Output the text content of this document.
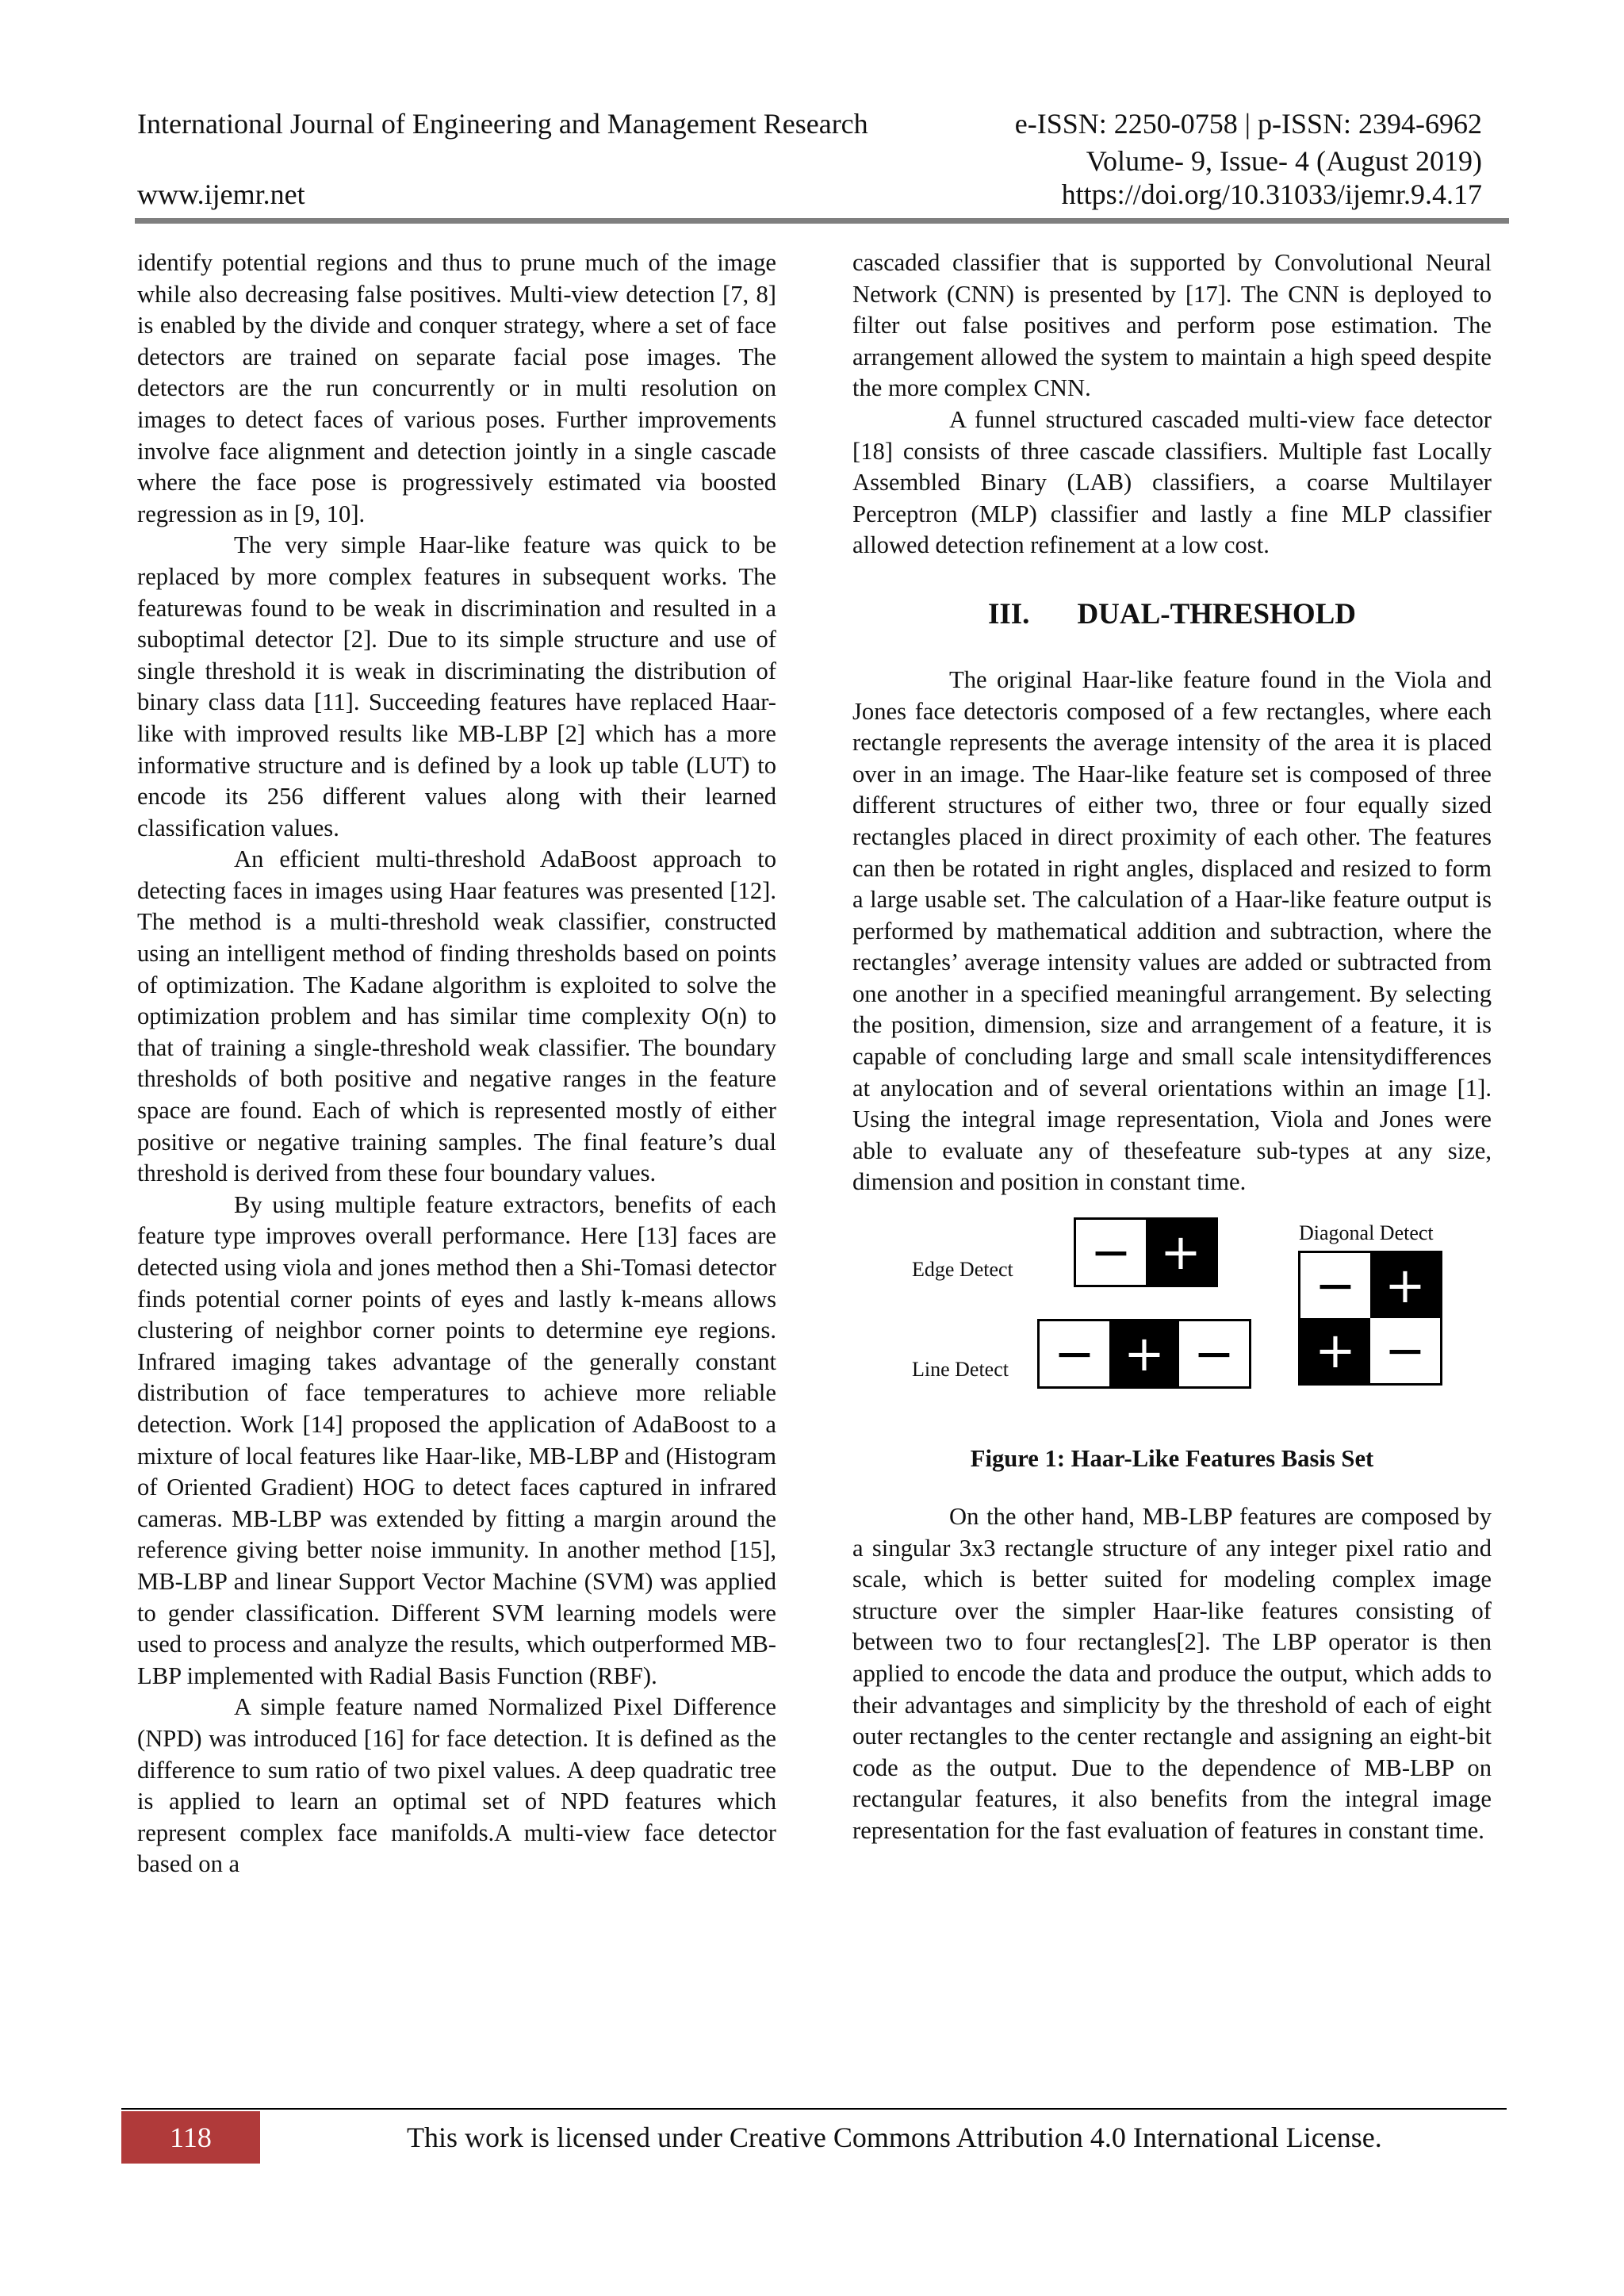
International Journal of Engineering and Management Research	e-ISSN: 2250-0758 | p-ISSN: 2394-6962
Volume- 9, Issue- 4 (August 2019)
www.ijemr.net	https://doi.org/10.31033/ijemr.9.4.17

identify potential regions and thus to prune much of the image while also decreasing false positives. Multi-view detection [7, 8] is enabled by the divide and conquer strategy, where a set of face detectors are trained on separate facial pose images. The detectors are the run concurrently or in multi resolution on images to detect faces of various poses. Further improvements involve face alignment and detection jointly in a single cascade where the face pose is progressively estimated via boosted regression as in [9, 10].

The very simple Haar-like feature was quick to be replaced by more complex features in subsequent works. The featurewas found to be weak in discrimination and resulted in a suboptimal detector [2]. Due to its simple structure and use of single threshold it is weak in discriminating the distribution of binary class data [11]. Succeeding features have replaced Haar-like with improved results like MB-LBP [2] which has a more informative structure and is defined by a look up table (LUT) to encode its 256 different values along with their learned classification values.

An efficient multi-threshold AdaBoost approach to detecting faces in images using Haar features was presented [12]. The method is a multi-threshold weak classifier, constructed using an intelligent method of finding thresholds based on points of optimization. The Kadane algorithm is exploited to solve the optimization problem and has similar time complexity O(n) to that of training a single-threshold weak classifier. The boundary thresholds of both positive and negative ranges in the feature space are found. Each of which is represented mostly of either positive or negative training samples. The final feature’s dual threshold is derived from these four boundary values.

By using multiple feature extractors, benefits of each feature type improves overall performance. Here [13] faces are detected using viola and jones method then a Shi-Tomasi detector finds potential corner points of eyes and lastly k-means allows clustering of neighbor corner points to determine eye regions. Infrared imaging takes advantage of the generally constant distribution of face temperatures to achieve more reliable detection. Work [14] proposed the application of AdaBoost to a mixture of local features like Haar-like, MB-LBP and (Histogram of Oriented Gradient) HOG to detect faces captured in infrared cameras. MB-LBP was extended by fitting a margin around the reference giving better noise immunity. In another method [15], MB-LBP and linear Support Vector Machine (SVM) was applied to gender classification. Different SVM learning models were used to process and analyze the results, which outperformed MB-LBP implemented with Radial Basis Function (RBF).

A simple feature named Normalized Pixel Difference (NPD) was introduced [16] for face detection. It is defined as the difference to sum ratio of two pixel values. A deep quadratic tree is applied to learn an optimal set of NPD features which represent complex face manifolds.A multi-view face detector based on a

cascaded classifier that is supported by Convolutional Neural Network (CNN) is presented by [17]. The CNN is deployed to filter out false positives and perform pose estimation. The arrangement allowed the system to maintain a high speed despite the more complex CNN.

A funnel structured cascaded multi-view face detector [18] consists of three cascade classifiers. Multiple fast Locally Assembled Binary (LAB) classifiers, a coarse Multilayer Perceptron (MLP) classifier and lastly a fine MLP classifier allowed detection refinement at a low cost.

III. DUAL-THRESHOLD

The original Haar-like feature found in the Viola and Jones face detectoris composed of a few rectangles, where each rectangle represents the average intensity of the area it is placed over in an image. The Haar-like feature set is composed of three different structures of either two, three or four equally sized rectangles placed in direct proximity of each other. The features can then be rotated in right angles, displaced and resized to form a large usable set. The calculation of a Haar-like feature output is performed by mathematical addition and subtraction, where the rectangles’ average intensity values are added or subtracted from one another in a specified meaningful arrangement. By selecting the position, dimension, size and arrangement of a feature, it is capable of concluding large and small scale intensitydifferences at anylocation and of several orientations within an image [1]. Using the integral image representation, Viola and Jones were able to evaluate any of thesefeature sub-types at any size, dimension and position in constant time.

Edge Detect − +
Line Detect − + −
Diagonal Detect
− +
+ −
Figure 1: Haar-Like Features Basis Set

On the other hand, MB-LBP features are composed by a singular 3x3 rectangle structure of any integer pixel ratio and scale, which is better suited for modeling complex image structure over the simpler Haar-like features consisting of between two to four rectangles[2]. The LBP operator is then applied to encode the data and produce the output, which adds to their advantages and simplicity by the threshold of each of eight outer rectangles to the center rectangle and assigning an eight-bit code as the output. Due to the dependence of MB-LBP on rectangular features, it also benefits from the integral image representation for the fast evaluation of features in constant time.

118	This work is licensed under Creative Commons Attribution 4.0 International License.
